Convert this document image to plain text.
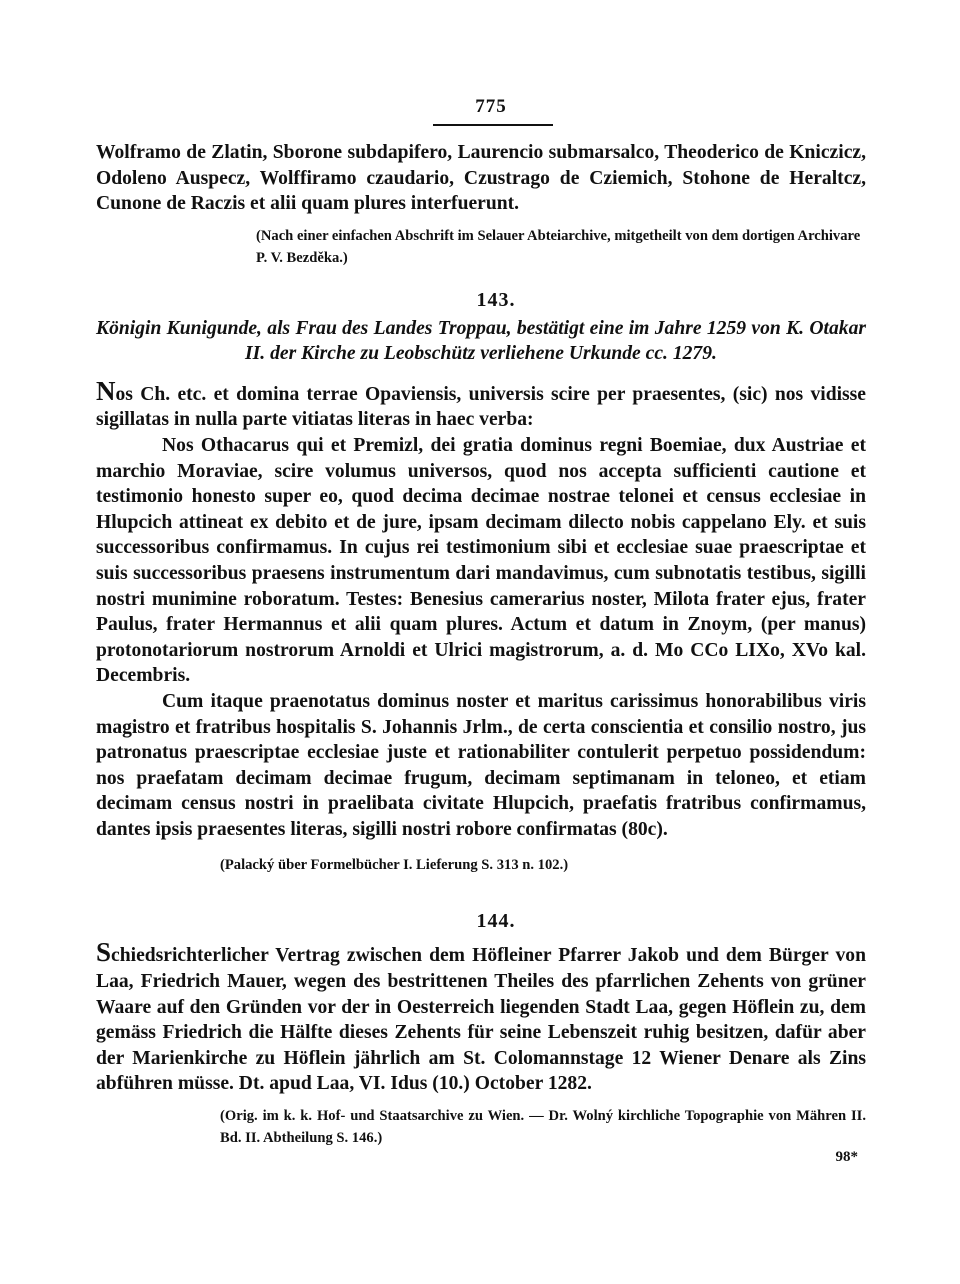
775

Wolframo de Zlatin, Sborone subdapifero, Laurencio submarsalco, Theoderico de Kniczicz, Odoleno Auspecz, Wolffiramo czaudario, Czustrago de Cziemich, Stohone de Heraltcz, Cunone de Raczis et alii quam plures interfuerunt.

(Nach einer einfachen Abschrift im Selauer Abteiarchive, mitgetheilt von dem dortigen Archivare P. V. Bezděka.)

143.

Königin Kunigunde, als Frau des Landes Troppau, bestätigt eine im Jahre 1259 von K. Otakar II. der Kirche zu Leobschütz verliehene Urkunde cc. 1279.

Nos Ch. etc. et domina terrae Opaviensis, universis scire per praesentes, (sic) nos vidisse sigillatas in nulla parte vitiatas literas in haec verba:

Nos Othacarus qui et Premizl, dei gratia dominus regni Boemiae, dux Austriae et marchio Moraviae, scire volumus universos, quod nos accepta sufficienti cautione et testimonio honesto super eo, quod decima decimae nostrae telonei et census ecclesiae in Hlupcich attineat ex debito et de jure, ipsam decimam dilecto nobis cappelano Ely. et suis successoribus confirmamus. In cujus rei testimonium sibi et ecclesiae suae praescriptae et suis successoribus praesens instrumentum dari mandavimus, cum subnotatis testibus, sigilli nostri munimine roboratum. Testes: Benesius camerarius noster, Milota frater ejus, frater Paulus, frater Hermannus et alii quam plures. Actum et datum in Znoym, (per manus) protonotariorum nostrorum Arnoldi et Ulrici magistrorum, a. d. Mo CCo LIXo, XVo kal. Decembris.

Cum itaque praenotatus dominus noster et maritus carissimus honorabilibus viris magistro et fratribus hospitalis S. Johannis Jrlm., de certa conscientia et consilio nostro, jus patronatus praescriptae ecclesiae juste et rationabiliter contulerit perpetuo possidendum: nos praefatam decimam decimae frugum, decimam septimanam in teloneo, et etiam decimam census nostri in praelibata civitate Hlupcich, praefatis fratribus confirmamus, dantes ipsis praesentes literas, sigilli nostri robore confirmatas (80c).

(Palacký über Formelbücher I. Lieferung S. 313 n. 102.)

144.

Schiedsrichterlicher Vertrag zwischen dem Höfleiner Pfarrer Jakob und dem Bürger von Laa, Friedrich Mauer, wegen des bestrittenen Theiles des pfarrlichen Zehents von grüner Waare auf den Gründen vor der in Oesterreich liegenden Stadt Laa, gegen Höflein zu, dem gemäss Friedrich die Hälfte dieses Zehents für seine Lebenszeit ruhig besitzen, dafür aber der Marienkirche zu Höflein jährlich am St. Colomannstage 12 Wiener Denare als Zins abführen müsse. Dt. apud Laa, VI. Idus (10.) October 1282.

(Orig. im k. k. Hof- und Staatsarchive zu Wien. — Dr. Wolný kirchliche Topographie von Mähren II. Bd. II. Abtheilung S. 146.)

98*
